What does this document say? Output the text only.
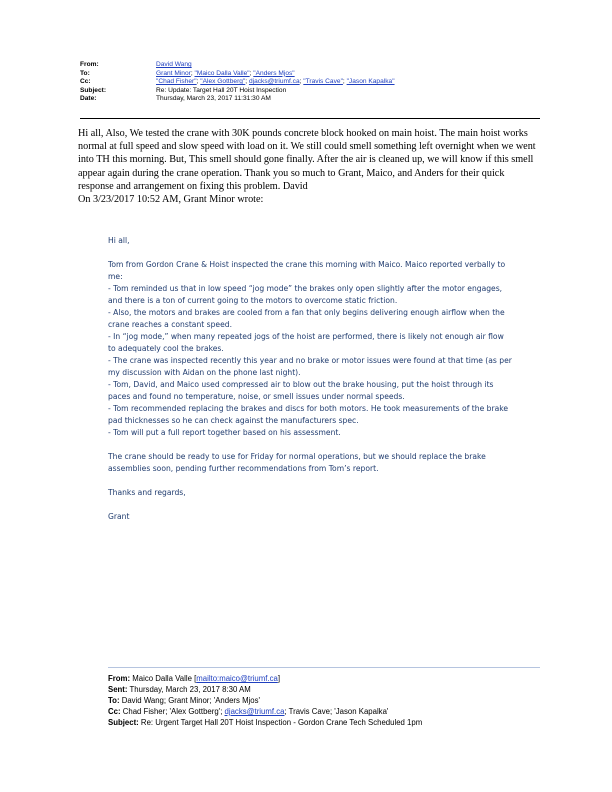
From:	David Wang
To:	Grant Minor; "Maico Dalla Valle"; "Anders Mjos"
Cc:	"Chad Fisher"; "Alex Gottberg"; djacks@triumf.ca; "Travis Cave"; "Jason Kapalka"
Subject:	Re: Update: Target Hall 20T Hoist Inspection
Date:	Thursday, March 23, 2017 11:31:30 AM

Hi all, Also, We tested the crane with 30K pounds concrete block hooked on main hoist. The main hoist works normal at full speed and slow speed with load on it. We still could smell something left overnight when we went into TH this morning. But, This smell should gone finally. After the air is cleaned up, we will know if this smell appear again during the crane operation. Thank you so much to Grant, Maico, and Anders for their quick response and arrangement on fixing this problem. David

On 3/23/2017 10:52 AM, Grant Minor wrote:

Hi all,

Tom from Gordon Crane & Hoist inspected the crane this morning with Maico. Maico reported verbally to me:

- Tom reminded us that in low speed “jog mode” the brakes only open slightly after the motor engages, and there is a ton of current going to the motors to overcome static friction.

- Also, the motors and brakes are cooled from a fan that only begins delivering enough airflow when the crane reaches a constant speed.

- In “jog mode,” when many repeated jogs of the hoist are performed, there is likely not enough air flow to adequately cool the brakes.

- The crane was inspected recently this year and no brake or motor issues were found at that time (as per my discussion with Aidan on the phone last night).

- Tom, David, and Maico used compressed air to blow out the brake housing, put the hoist through its paces and found no temperature, noise, or smell issues under normal speeds.

- Tom recommended replacing the brakes and discs for both motors. He took measurements of the brake pad thicknesses so he can check against the manufacturers spec.

- Tom will put a full report together based on his assessment.

The crane should be ready to use for Friday for normal operations, but we should replace the brake assemblies soon, pending further recommendations from Tom’s report.

Thanks and regards,

Grant

From: Maico Dalla Valle [mailto:maico@triumf.ca]
Sent: Thursday, March 23, 2017 8:30 AM
To: David Wang; Grant Minor; 'Anders Mjos'
Cc: Chad Fisher; 'Alex Gottberg'; djacks@triumf.ca; Travis Cave; 'Jason Kapalka'
Subject: Re: Urgent Target Hall 20T Hoist Inspection - Gordon Crane Tech Scheduled 1pm
